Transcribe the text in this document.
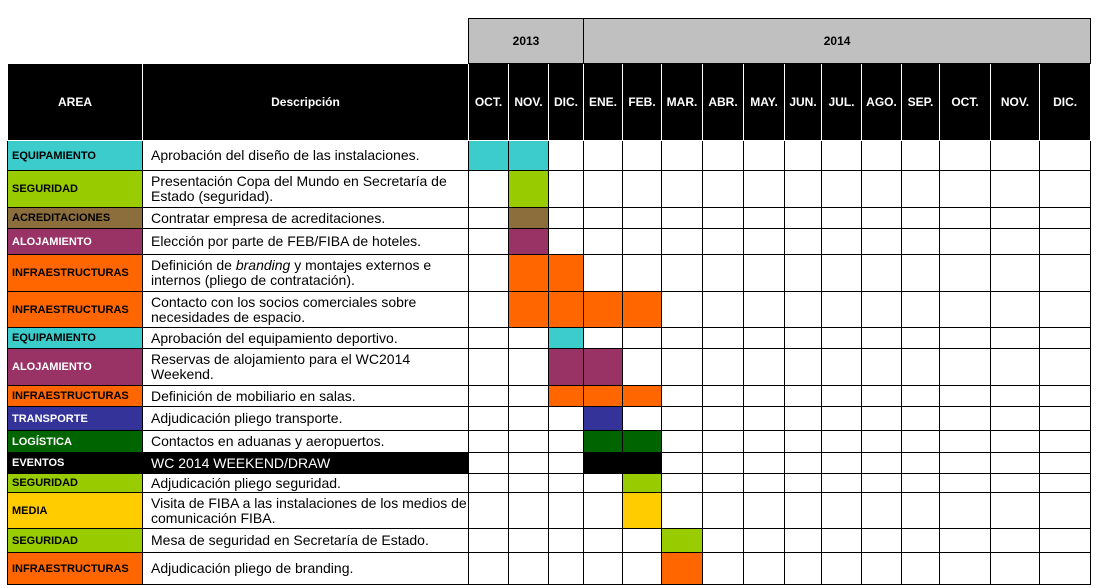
		2013			2014											
AREA	Descripción	OCT.	NOV.	DIC.	ENE.	FEB.	MAR.	ABR.	MAY.	JUN.	JUL.	AGO.	SEP.	OCT.	NOV.	DIC.
EQUIPAMIENTO	Aprobación del diseño de las instalaciones.															
SEGURIDAD	Presentación Copa del Mundo en Secretaría de Estado (seguridad).															
ACREDITACIONES	Contratar empresa de acreditaciones.															
ALOJAMIENTO	Elección por parte de FEB/FIBA de hoteles.															
INFRAESTRUCTURAS	Definición de branding y montajes externos e internos (pliego de contratación).															
INFRAESTRUCTURAS	Contacto con los socios comerciales sobre necesidades de espacio.															
EQUIPAMIENTO	Aprobación del equipamiento deportivo.															
ALOJAMIENTO	Reservas de alojamiento para el WC2014 Weekend.															
INFRAESTRUCTURAS	Definición de mobiliario en salas.															
TRANSPORTE	Adjudicación pliego transporte.															
LOGÍSTICA	Contactos en aduanas y aeropuertos.															
EVENTOS	WC 2014 WEEKEND/DRAW															
SEGURIDAD	Adjudicación pliego seguridad.															
MEDIA	Visita de FIBA a las instalaciones de los medios de comunicación FIBA.															
SEGURIDAD	Mesa de seguridad en Secretaría de Estado.															
INFRAESTRUCTURAS	Adjudicación pliego de branding.															
